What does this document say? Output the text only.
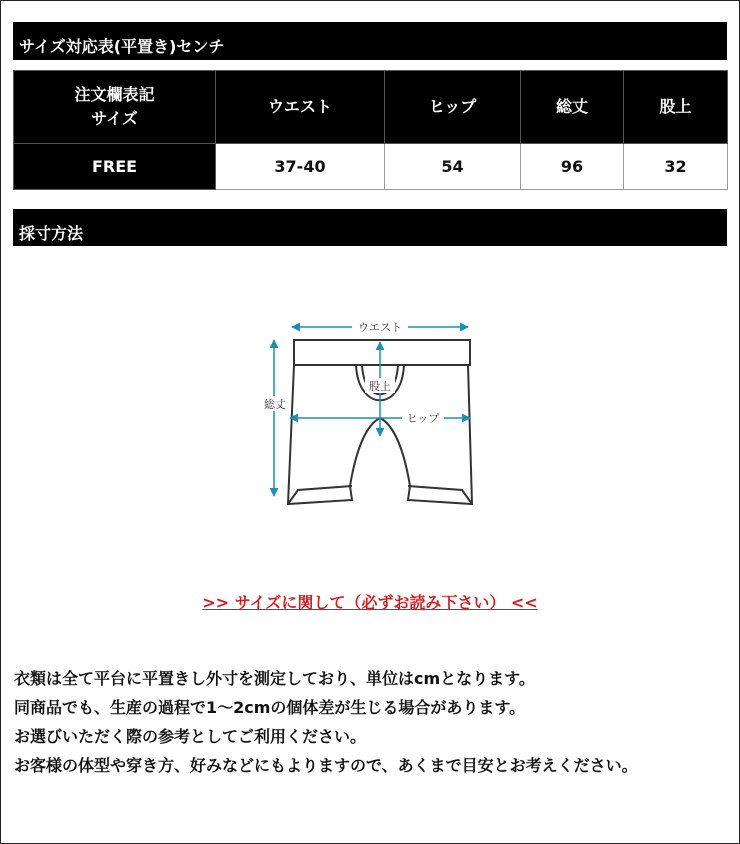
サイズ対応表(平置き)センチ
注文欄表記
サイズ	ウエスト	ヒップ	総丈	股上
FREE	37-40	54	96	32
採寸方法
ウエスト
股上
ヒップ
総丈
>> サイズに関して（必ずお読み下さい） <<
衣類は全て平台に平置きし外寸を測定しており、単位はcmとなります。
同商品でも、生産の過程で1～2cmの個体差が生じる場合があります。
お選びいただく際の参考としてご利用ください。
お客様の体型や穿き方、好みなどにもよりますので、あくまで目安とお考えください。
